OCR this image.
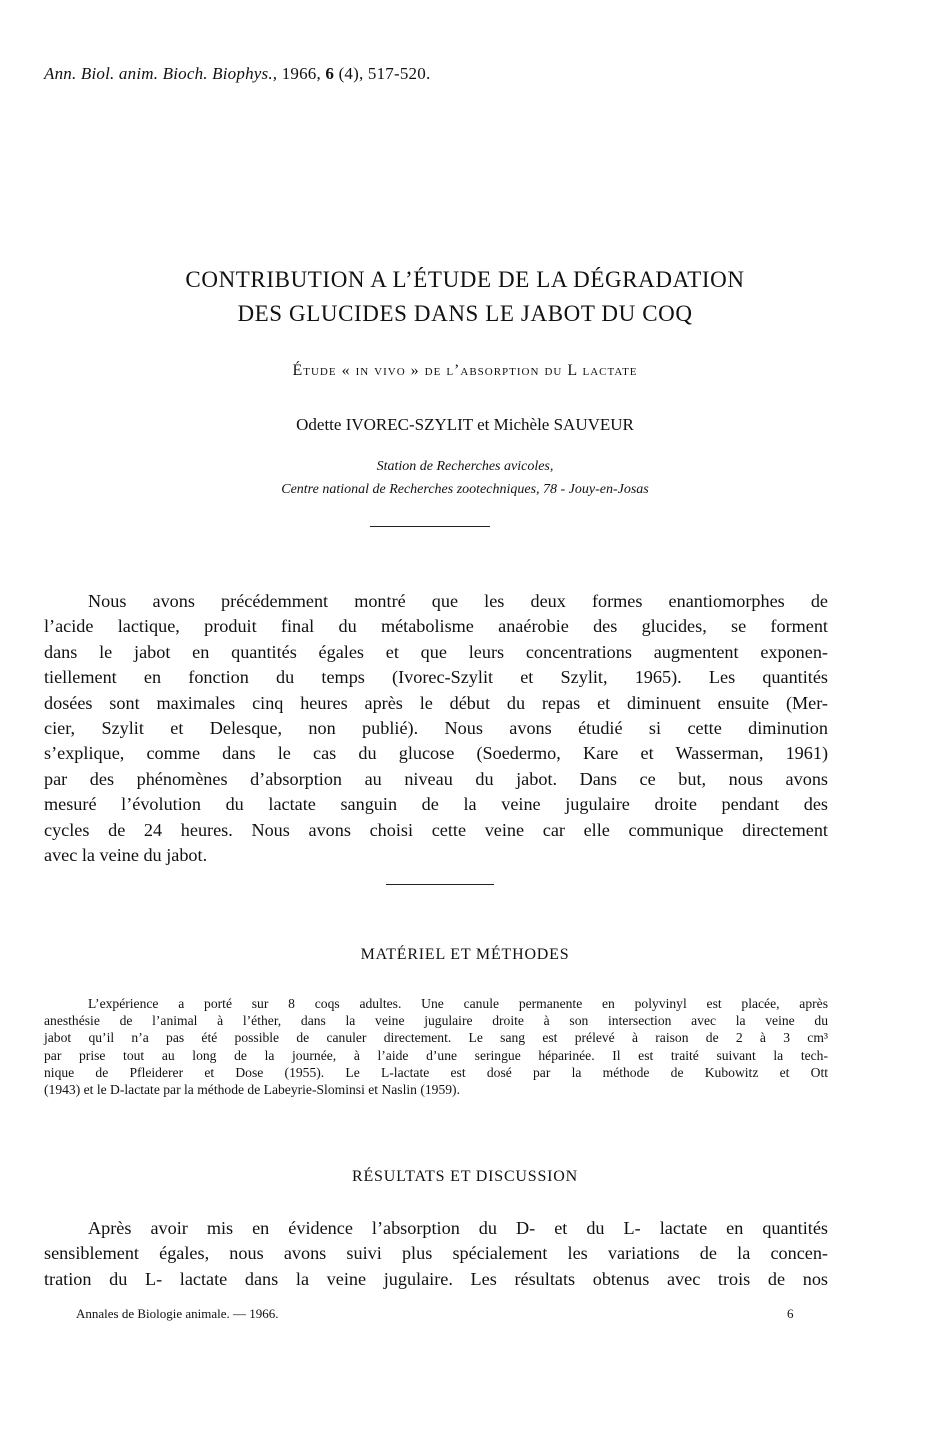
Ann. Biol. anim. Bioch. Biophys., 1966, 6 (4), 517-520.
CONTRIBUTION A L’ÉTUDE DE LA DÉGRADATION
DES GLUCIDES DANS LE JABOT DU COQ
Étude « in vivo » de l’absorption du L lactate
Odette IVOREC-SZYLIT et Michèle SAUVEUR
Station de Recherches avicoles,
Centre national de Recherches zootechniques, 78 - Jouy-en-Josas
Nous avons précédemment montré que les deux formes enantiomorphes de
l’acide lactique, produit final du métabolisme anaérobie des glucides, se forment
dans le jabot en quantités égales et que leurs concentrations augmentent exponen-
tiellement en fonction du temps (Ivorec-Szylit et Szylit, 1965). Les quantités
dosées sont maximales cinq heures après le début du repas et diminuent ensuite (Mer-
cier, Szylit et Delesque, non publié). Nous avons étudié si cette diminution
s’explique, comme dans le cas du glucose (Soedermo, Kare et Wasserman, 1961)
par des phénomènes d’absorption au niveau du jabot. Dans ce but, nous avons
mesuré l’évolution du lactate sanguin de la veine jugulaire droite pendant des
cycles de 24 heures. Nous avons choisi cette veine car elle communique directement
avec la veine du jabot.
MATÉRIEL ET MÉTHODES
L’expérience a porté sur 8 coqs adultes. Une canule permanente en polyvinyl est placée, après
anesthésie de l’animal à l’éther, dans la veine jugulaire droite à son intersection avec la veine du
jabot qu’il n’a pas été possible de canuler directement. Le sang est prélevé à raison de 2 à 3 cm³
par prise tout au long de la journée, à l’aide d’une seringue héparinée. Il est traité suivant la tech-
nique de Pfleiderer et Dose (1955). Le L-lactate est dosé par la méthode de Kubowitz et Ott
(1943) et le D-lactate par la méthode de Labeyrie-Slominsi et Naslin (1959).
RÉSULTATS ET DISCUSSION
Après avoir mis en évidence l’absorption du D- et du L- lactate en quantités
sensiblement égales, nous avons suivi plus spécialement les variations de la concen-
tration du L- lactate dans la veine jugulaire. Les résultats obtenus avec trois de nos
Annales de Biologie animale. — 1966.	6
